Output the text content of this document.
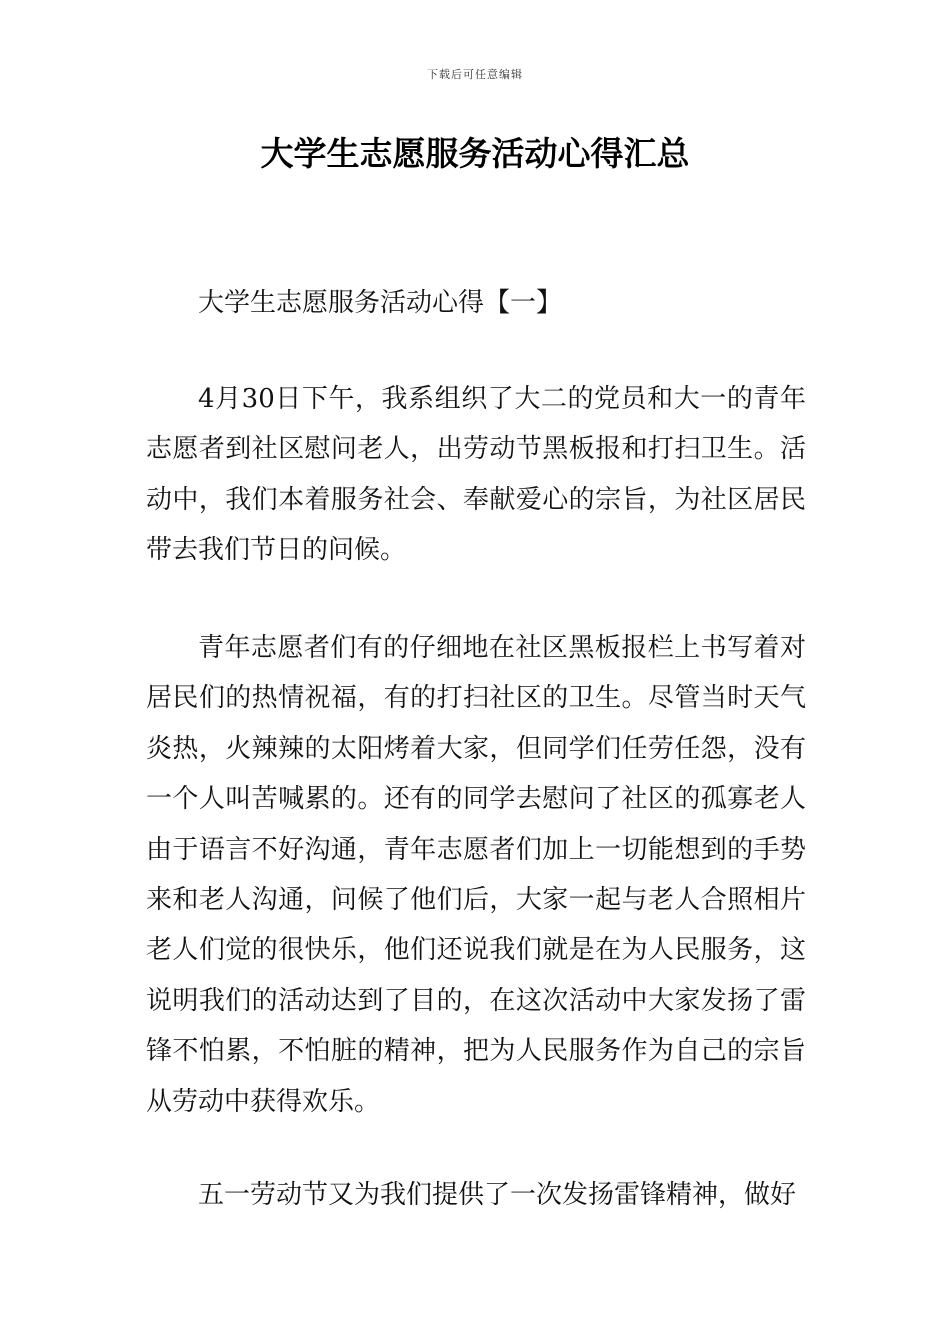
下载后可任意编辑
大学生志愿服务活动心得汇总

大学生志愿服务活动心得【一】

4月30日下午，我系组织了大二的党员和大一的青年志愿者到社区慰问老人，出劳动节黑板报和打扫卫生。活动中，我们本着服务社会、奉献爱心的宗旨，为社区居民带去我们节日的问候。

青年志愿者们有的仔细地在社区黑板报栏上书写着对居民们的热情祝福，有的打扫社区的卫生。尽管当时天气炎热，火辣辣的太阳烤着大家，但同学们任劳任怨，没有一个人叫苦喊累的。还有的同学去慰问了社区的孤寡老人由于语言不好沟通，青年志愿者们加上一切能想到的手势来和老人沟通，问候了他们后，大家一起与老人合照相片老人们觉的很快乐，他们还说我们就是在为人民服务，这说明我们的活动达到了目的，在这次活动中大家发扬了雷锋不怕累，不怕脏的精神，把为人民服务作为自己的宗旨从劳动中获得欢乐。

五一劳动节又为我们提供了一次发扬雷锋精神，做好
